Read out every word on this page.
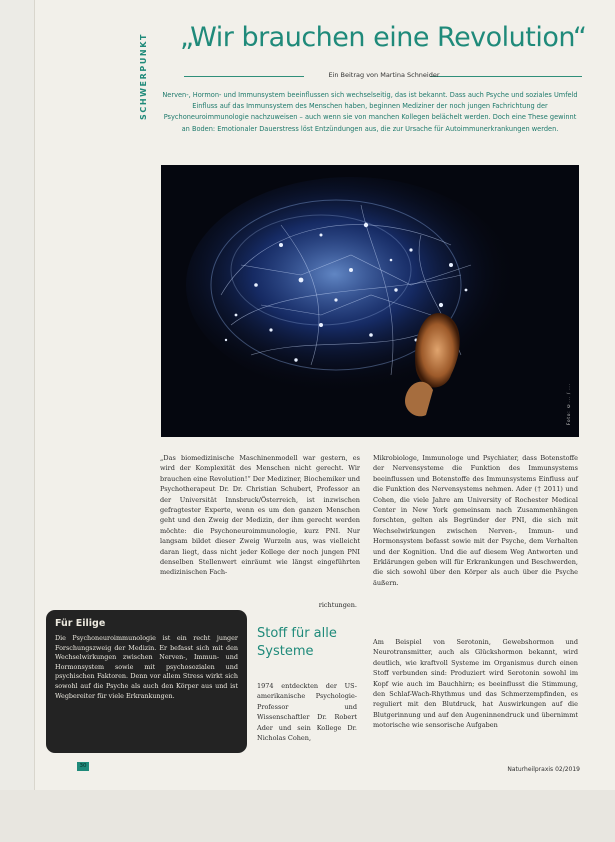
SCHWERPUNKT „Wir brauchen eine Revolution“
Ein Beitrag von Martina Schneider
Nerven-, Hormon- und Immunsystem beeinflussen sich wechselseitig, das ist bekannt. Dass auch Psyche und soziales Umfeld Einfluss auf das Immunsystem des Menschen haben, beginnen Mediziner der noch jungen Fachrichtung der Psychoneuroimmunologie nachzuweisen – auch wenn sie von manchen Kollegen belächelt werden. Doch eine These gewinnt an Boden: Emotionaler Dauerstress löst Entzündungen aus, die zur Ursache für Autoimmunerkrankungen werden.
Foto: ©... / ...

„Das biomedizinische Maschinenmodell war gestern, es wird der Komplexität des Menschen nicht gerecht. Wir brauchen eine Revolution!“ Der Mediziner, Biochemiker und Psychotherapeut Dr. Dr. Christian Schubert, Professor an der Universität Innsbruck/Österreich, ist inzwischen gefragtester Experte, wenn es um den ganzen Menschen geht und den Zweig der Medizin, der ihm gerecht werden möchte: die Psychoneuroimmunologie, kurz PNI. Nur langsam bildet dieser Zweig Wurzeln aus, was vielleicht daran liegt, dass nicht jeder Kollege der noch jungen PNI denselben Stellenwert einräumt wie längst eingeführten medizinischen Fach-

richtungen.
Stoff für alle Systeme

1974 entdeckten der US-amerikanische Psychologie-Professor und Wissenschaftler Dr. Robert Ader und sein Kollege Dr. Nicholas Cohen,

Mikrobiologe, Immunologe und Psychiater, dass Botenstoffe der Nervensysteme die Funktion des Immunsystems beeinflussen und Botenstoffe des Immunsystems Einfluss auf die Funktion des Nervensystems nehmen. Ader († 2011) und Cohen, die viele Jahre am University of Rochester Medical Center in New York gemeinsam nach Zusammenhängen forschten, gelten als Begründer der PNI, die sich mit Wechselwirkungen zwischen Nerven-, Immun- und Hormonsystem befasst sowie mit der Psyche, dem Verhalten und der Kognition. Und die auf diesem Weg Antworten und Erklärungen geben will für Erkrankungen und Beschwerden, die sich sowohl über den Körper als auch über die Psyche äußern.

Am Beispiel von Serotonin, Gewebshormon und Neurotransmitter, auch als Glückshormon bekannt, wird deutlich, wie kraftvoll Systeme im Organismus durch einen Stoff verbunden sind: Produziert wird Serotonin sowohl im Kopf wie auch im Bauchhirn; es beeinflusst die Stimmung, den Schlaf-Wach-Rhythmus und das Schmerzempfinden, es reguliert mit den Blutdruck, hat Auswirkungen auf die Blutgerinnung und auf den Augeninnendruck und übernimmt motorische wie sensorische Aufgaben

Für Eilige
Die Psychoneuroimmunologie ist ein recht junger Forschungszweig der Medizin. Er befasst sich mit den Wechselwirkungen zwischen Nerven-, Immun- und Hormonsystem sowie mit psychosozialen und psychischen Faktoren. Denn vor allem Stress wirkt sich sowohl auf die Psyche als auch den Körper aus und ist Wegbereiter für viele Erkrankungen.
30	Naturheilpraxis 02/2019
